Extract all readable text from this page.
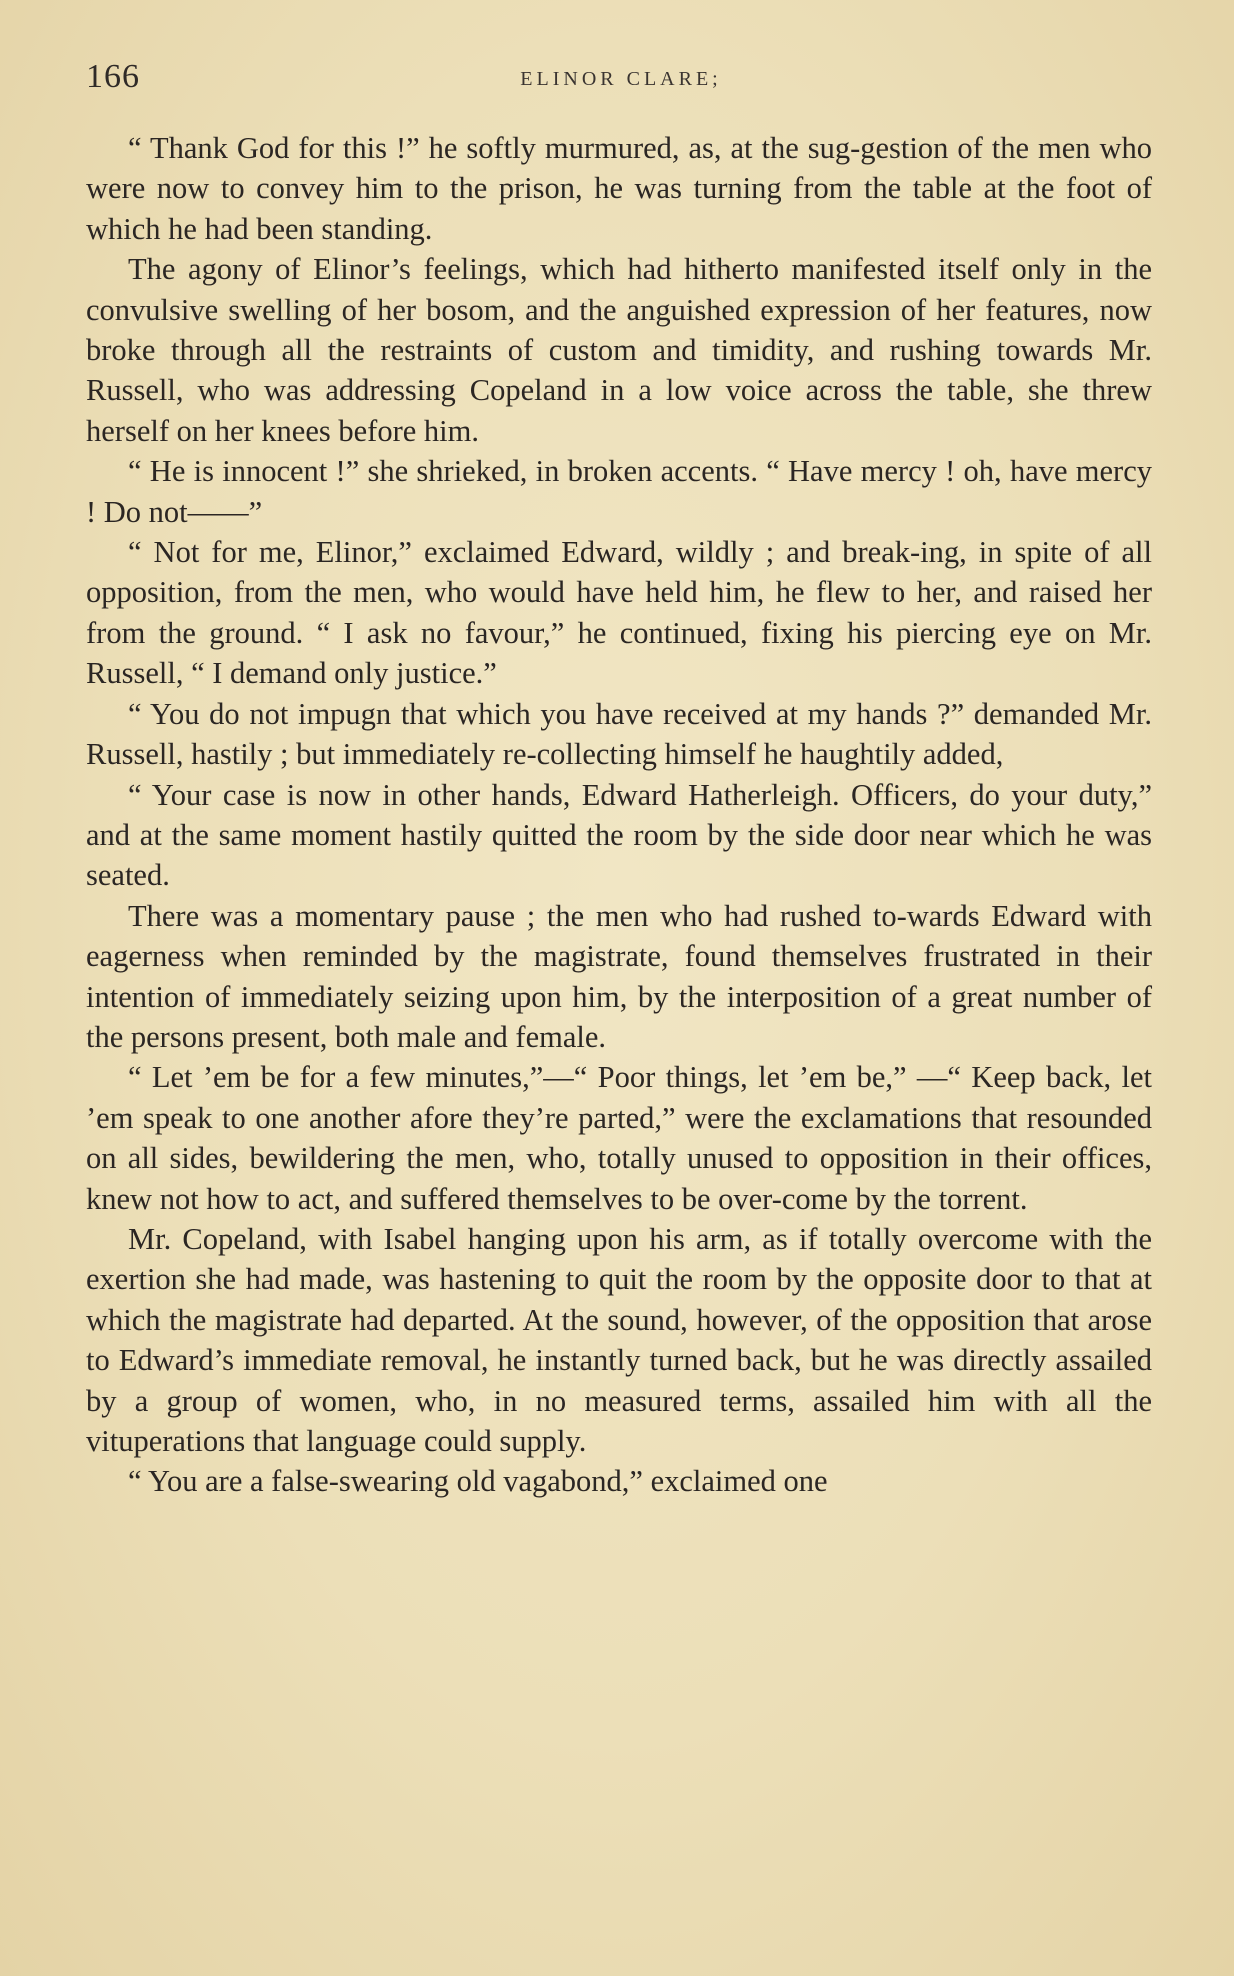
166	ELINOR CLARE;

“ Thank God for this !” he softly murmured, as, at the sug-gestion of the men who were now to convey him to the prison, he was turning from the table at the foot of which he had been standing.

The agony of Elinor’s feelings, which had hitherto manifested itself only in the convulsive swelling of her bosom, and the anguished expression of her features, now broke through all the restraints of custom and timidity, and rushing towards Mr. Russell, who was addressing Copeland in a low voice across the table, she threw herself on her knees before him.

“ He is innocent !” she shrieked, in broken accents. “ Have mercy ! oh, have mercy ! Do not——”

“ Not for me, Elinor,” exclaimed Edward, wildly ; and break-ing, in spite of all opposition, from the men, who would have held him, he flew to her, and raised her from the ground. “ I ask no favour,” he continued, fixing his piercing eye on Mr. Russell, “ I demand only justice.”

“ You do not impugn that which you have received at my hands ?” demanded Mr. Russell, hastily ; but immediately re-collecting himself he haughtily added,

“ Your case is now in other hands, Edward Hatherleigh. Officers, do your duty,” and at the same moment hastily quitted the room by the side door near which he was seated.

There was a momentary pause ; the men who had rushed to-wards Edward with eagerness when reminded by the magistrate, found themselves frustrated in their intention of immediately seizing upon him, by the interposition of a great number of the persons present, both male and female.

“ Let ’em be for a few minutes,”—“ Poor things, let ’em be,” —“ Keep back, let ’em speak to one another afore they’re parted,” were the exclamations that resounded on all sides, bewildering the men, who, totally unused to opposition in their offices, knew not how to act, and suffered themselves to be over-come by the torrent.

Mr. Copeland, with Isabel hanging upon his arm, as if totally overcome with the exertion she had made, was hastening to quit the room by the opposite door to that at which the magistrate had departed. At the sound, however, of the opposition that arose to Edward’s immediate removal, he instantly turned back, but he was directly assailed by a group of women, who, in no measured terms, assailed him with all the vituperations that language could supply.

“ You are a false-swearing old vagabond,” exclaimed one
